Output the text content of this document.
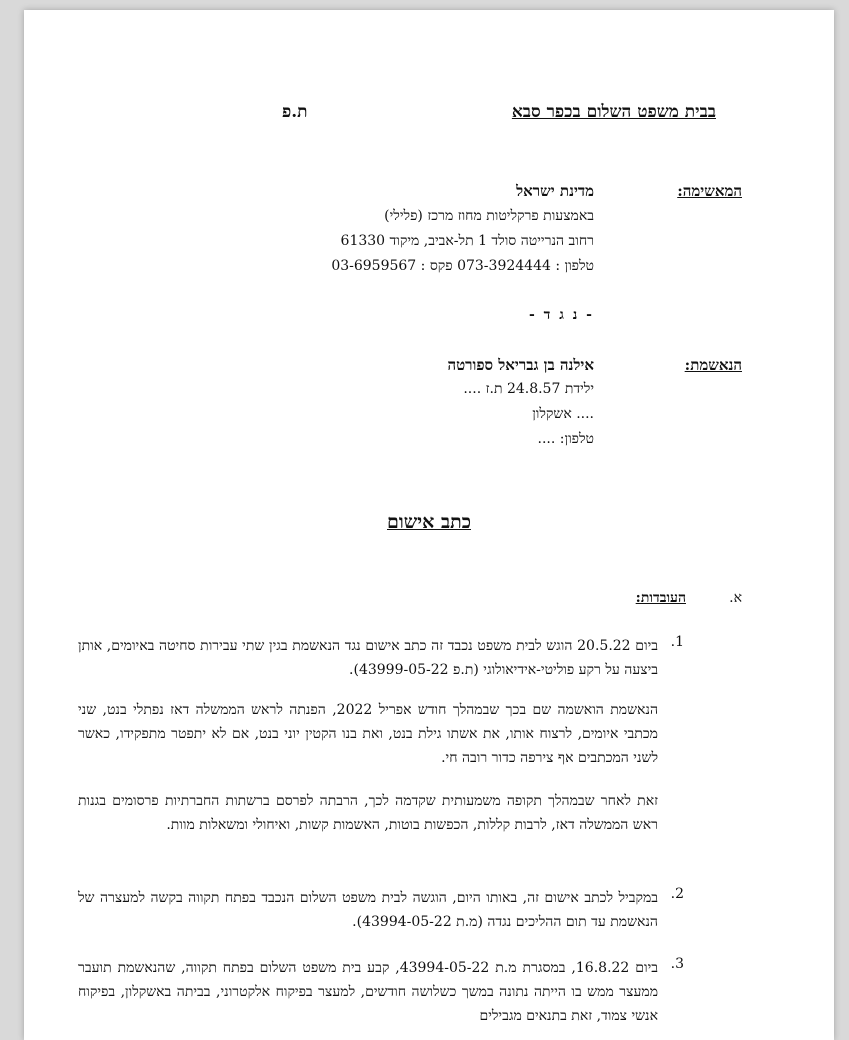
בבית משפט השלום בכפר סבא
ת.פ
המאשימה:
מדינת ישראל
באמצעות פרקליטות מחוז מרכז (פלילי)
רחוב הנרייטה סולד 1 תל-אביב, מיקוד 61330
טלפון : 073-3924444 פקס : 03-6959567
- נ ג ד -
הנאשמת:
אילנה בן גבריאל ספורטה
ילידת 24.8.57 ת.ז ....
.... אשקלון
טלפון: ....
כתב אישום
א.
העובדות:
1.
ביום 20.5.22 הוגש לבית משפט נכבד זה כתב אישום נגד הנאשמת בגין שתי עבירות סחיטה באיומים, אותן ביצעה על רקע פוליטי-אידיאולוגי (ת.פ 43999-05-22).
הנאשמת הואשמה שם בכך שבמהלך חודש אפריל 2022, הפנתה לראש הממשלה דאז נפתלי בנט, שני מכתבי איומים, לרצוח אותו, את אשתו גילת בנט, ואת בנו הקטין יוני בנט, אם לא יתפטר מתפקידו, כאשר לשני המכתבים אף צירפה כדור רובה חי.
זאת לאחר שבמהלך תקופה משמעותית שקדמה לכך, הרבתה לפרסם ברשתות החברתיות פרסומים בגנות ראש הממשלה דאז, לרבות קללות, הכפשות בוטות, האשמות קשות, ואיחולי ומשאלות מוות.
2.
במקביל לכתב אישום זה, באותו היום, הוגשה לבית משפט השלום הנכבד בפתח תקווה בקשה למעצרה של הנאשמת עד תום ההליכים נגדה (מ.ת 43994-05-22).
3.
ביום 16.8.22, במסגרת מ.ת 43994-05-22, קבע בית משפט השלום בפתח תקווה, שהנאשמת תועבר ממעצר ממש בו הייתה נתונה במשך כשלושה חודשים, למעצר בפיקוח אלקטרוני, בביתה באשקלון, בפיקוח אנשי צמוד, זאת בתנאים מגבילים
